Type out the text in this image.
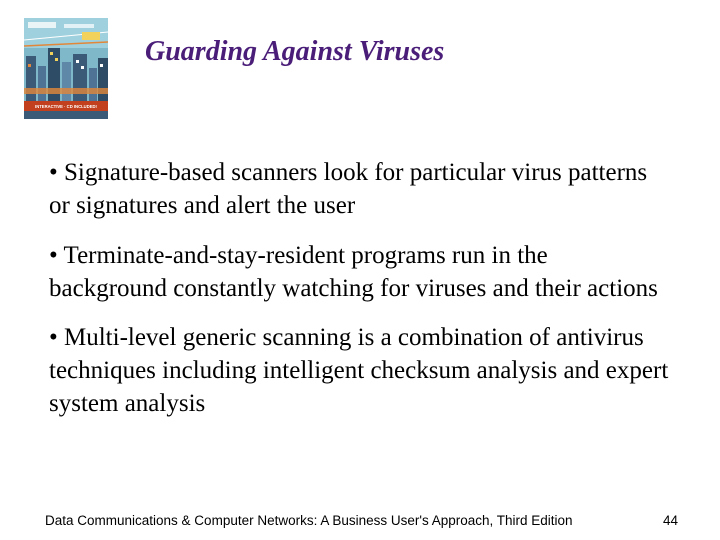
INTERACTIVE · CD INCLUDED!
Guarding Against Viruses
• Signature-based scanners look for particular virus patterns or signatures and alert the user
• Terminate-and-stay-resident programs run in the background constantly watching for viruses and their actions
• Multi-level generic scanning is a combination of antivirus techniques including intelligent checksum analysis and expert system analysis
Data Communications & Computer Networks: A Business User's Approach, Third Edition	44
